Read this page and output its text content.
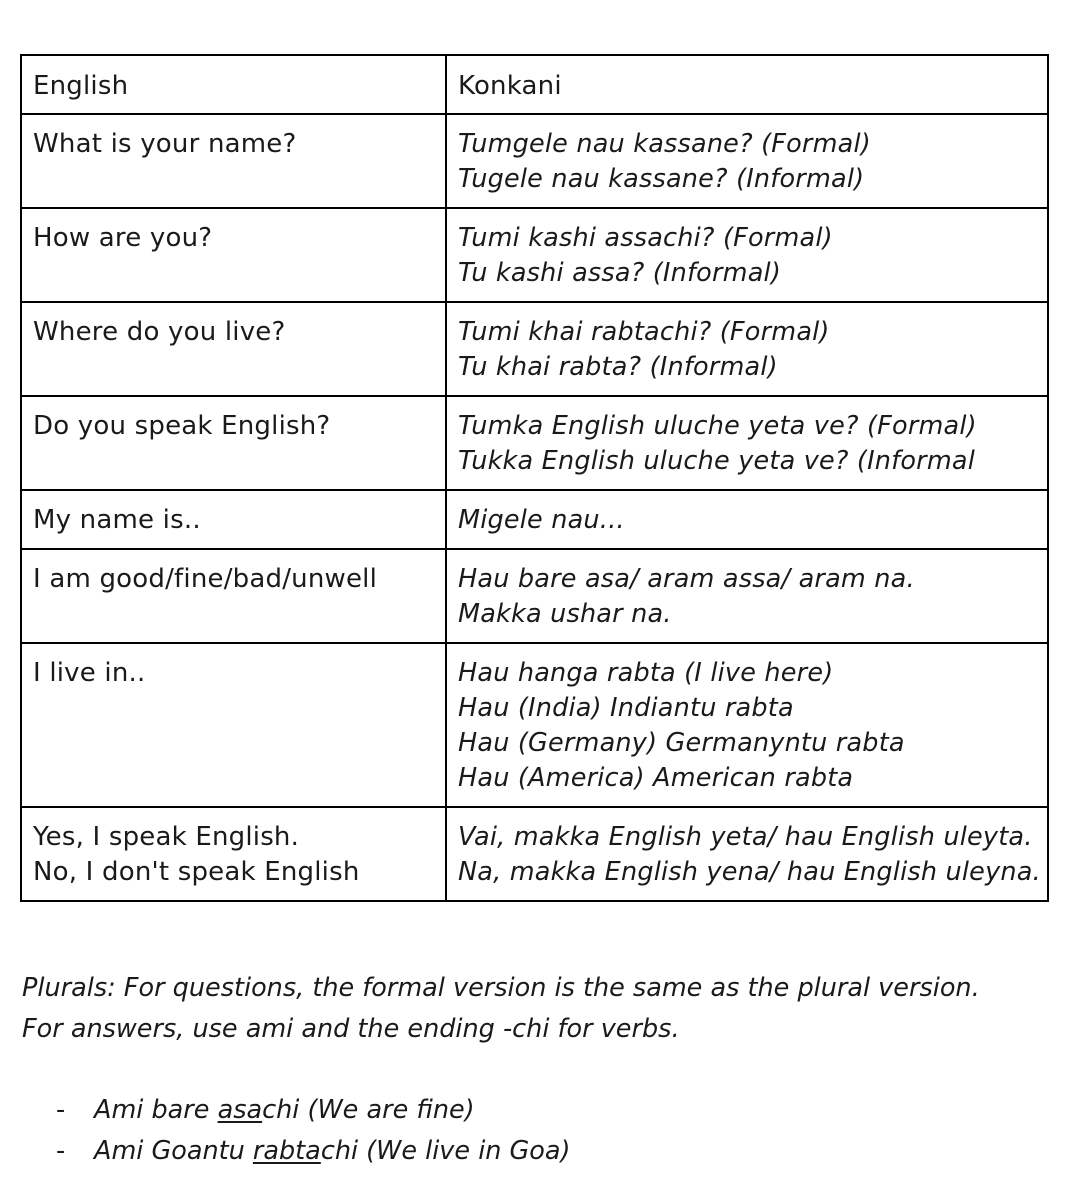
English	Konkani

What is your name?	Tumgele nau kassane? (Formal)
Tugele nau kassane? (Informal)

How are you?	Tumi kashi assachi? (Formal)
Tu kashi assa? (Informal)

Where do you live?	Tumi khai rabtachi? (Formal)
Tu khai rabta? (Informal)

Do you speak English?	Tumka English uluche yeta ve? (Formal)
Tukka English uluche yeta ve? (Informal

My name is..	Migele nau...

I am good/fine/bad/unwell	Hau bare asa/ aram assa/ aram na.
Makka ushar na.

I live in..	Hau hanga rabta (I live here)
Hau (India) Indiantu rabta
Hau (Germany) Germanyntu rabta
Hau (America) American rabta

Yes, I speak English.
No, I don't speak English	Vai, makka English yeta/ hau English uleyta.
Na, makka English yena/ hau English uleyna.

Plurals: For questions, the formal version is the same as the plural version.

For answers, use ami and the ending -chi for verbs.

- Ami bare asachi (We are fine)
- Ami Goantu rabtachi (We live in Goa)
